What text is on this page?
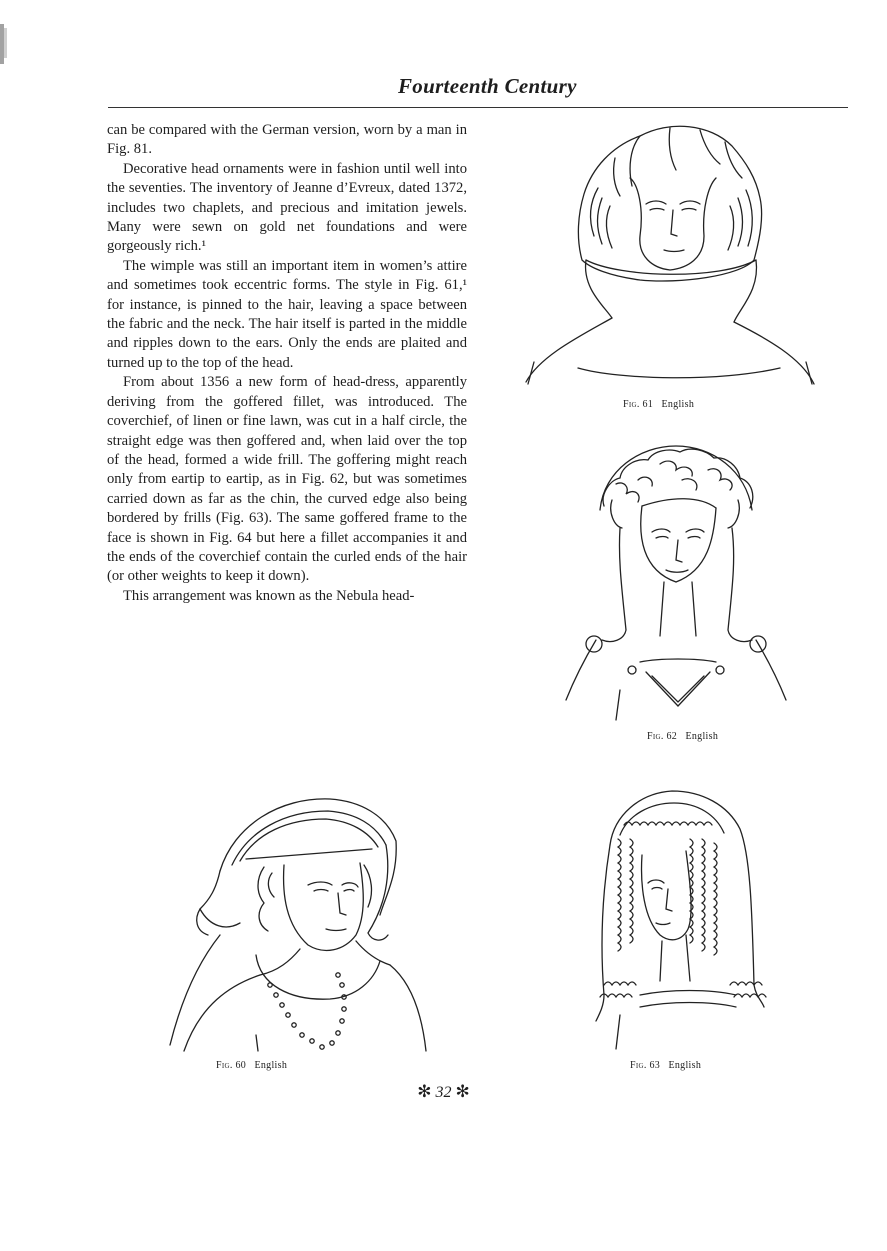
Fourteenth Century

can be compared with the German version, worn by a man in Fig. 81.

Decorative head ornaments were in fashion until well into the seventies. The inventory of Jeanne d’Evreux, dated 1372, includes two chaplets, and precious and imitation jewels. Many were sewn on gold net foundations and were gorgeously rich.¹

The wimple was still an important item in women’s attire and sometimes took eccentric forms. The style in Fig. 61,¹ for instance, is pinned to the hair, leaving a space between the fabric and the neck. The hair itself is parted in the middle and ripples down to the ears. Only the ends are plaited and turned up to the top of the head.

From about 1356 a new form of head-dress, apparently deriving from the goffered fillet, was introduced. The coverchief, of linen or fine lawn, was cut in a half circle, the straight edge was then goffered and, when laid over the top of the head, formed a wide frill. The goffering might reach only from eartip to eartip, as in Fig. 62, but was sometimes carried down as far as the chin, the curved edge also being bordered by frills (Fig. 63). The same goffered frame to the face is shown in Fig. 64 but here a fillet accompanies it and the ends of the coverchief contain the curled ends of the hair (or other weights to keep it down).

This arrangement was known as the Nebula head-

Fig. 61 English
Fig. 62 English
Fig. 60 English	Fig. 63 English
✻ 32 ✻
